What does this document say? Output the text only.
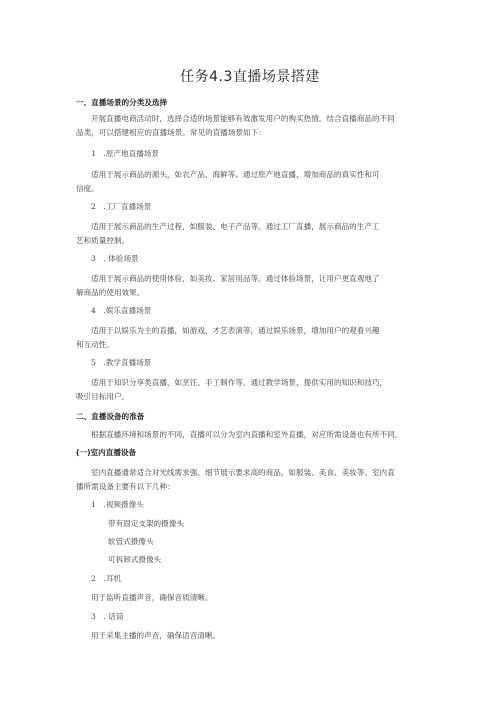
任务4.3直播场景搭建
一、直播场景的分类及选择
开展直播电商活动时，选择合适的场景能够有效激发用户的购买热情。结合直播商品的不同
品类，可以搭建相应的直播场景。常见的直播场景如下：
1　.原产地直播场景
适用于展示商品的源头，如农产品、海鲜等。通过原产地直播，增加商品的真实性和可
信度。
2　.工厂直播场景
适用于展示商品的生产过程，如服装、电子产品等。通过工厂直播，展示商品的生产工
艺和质量控制。
3　. 体验场景
适用于展示商品的使用体验，如美妆、家居用品等。通过体验场景，让用户更直观地了
解商品的使用效果。
4　.娱乐直播场景
适用于以娱乐为主的直播，如游戏、才艺表演等，通过娱乐场景，增加用户的观看兴趣
和互动性。
5　.教学直播场景
适用于知识分享类直播，如烹饪、手工制作等。通过教学场景，提供实用的知识和技巧，
吸引目标用户。
二、直播设备的准备
根据直播环境和场景的不同，直播可以分为室内直播和室外直播，对应所需设备也有所不同。
(一)室内直播设备
室内直播通常适合对光线需求强、细节展示要求高的商品，如服装、美食、美妆等。室内直
播所需设备主要有以下几种：
1　.视频摄像头
带有固定支架的摄像头
软管式摄像头
可拆卸式摄像头
2　.耳机
用于监听直播声音，确保音质清晰。
3　. 话筒
用于采集主播的声音，确保语音清晰。
